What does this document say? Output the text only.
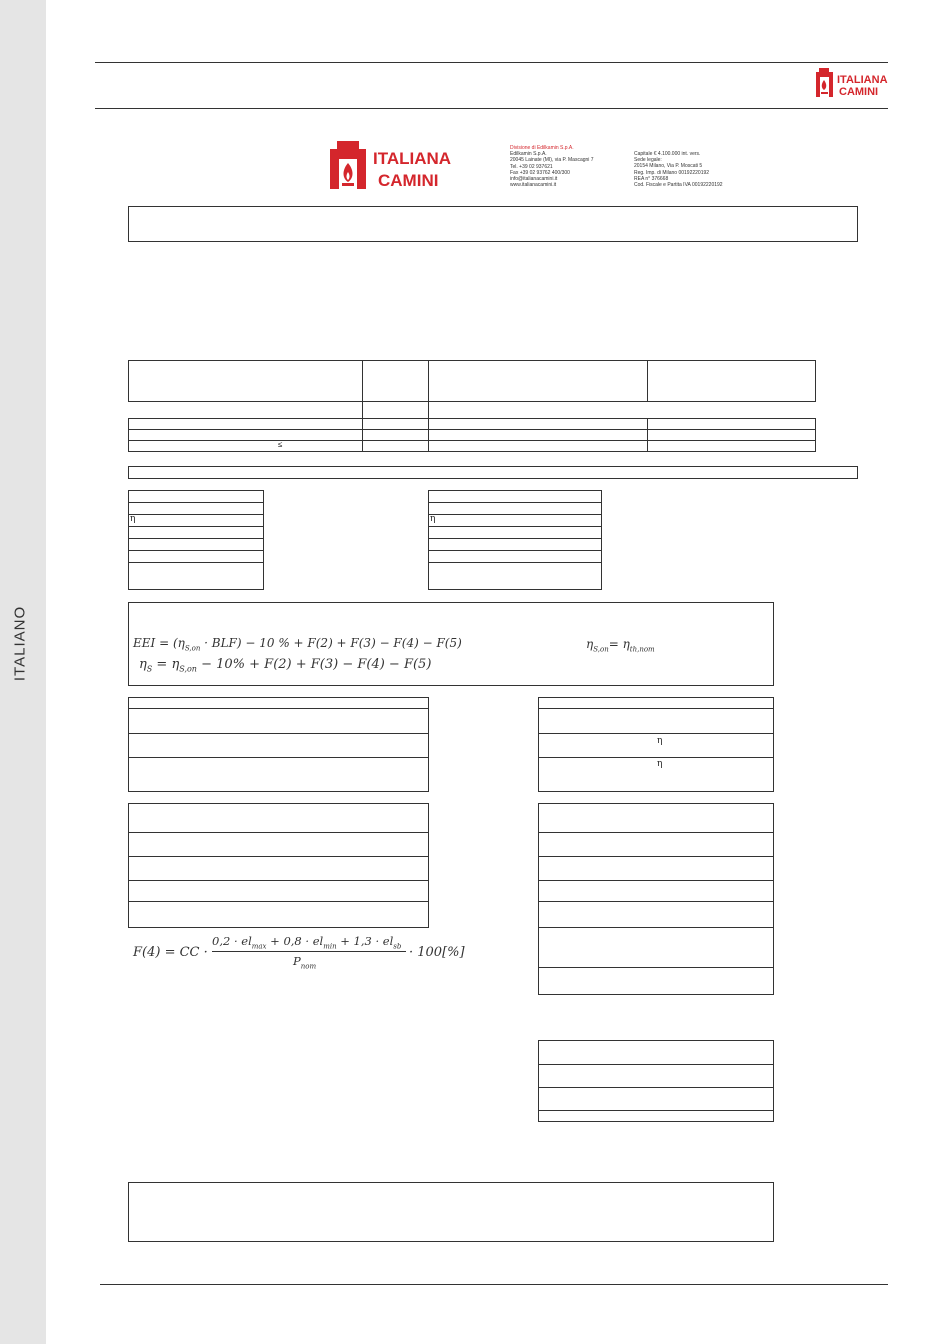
ITALIANO
ITALIANA
CAMINI
ITALIANA
CAMINI
Divisione di Edilkamin S.p.A.
Edilkamin S.p.A.
20045 Lainate (MI), via P. Mascagni 7
Tel. +39 02 937621
Fax +39 02 93762 400/300
info@italianacamini.it
www.italianacamini.it
Capitale € 4.100.000 int. vers.
Sede legale:
20154 Milano, Via P. Moscati 5
Reg. Imp. di Milano 00192220192
REA n° 376668
Cod. Fiscale e Partita IVA 00192220192

≤			

η	η

EEI = $(\eta_{S,on} \cdot BLF) - 10$ % + F(2) + F(3) − F(4) − F(5)
$\eta_S = \eta_{S,on} - 10\% + F(2) + F(3) - F(4) - F(5)$
$\eta_{S,on}= \eta_{th,nom}$

η

η

F(4) = CC ·
$0,2 \cdot el_{max} + 0,8 \cdot el_{min} + 1,3 \cdot el_{sb}$
$P_{nom}$
· 100[%]
